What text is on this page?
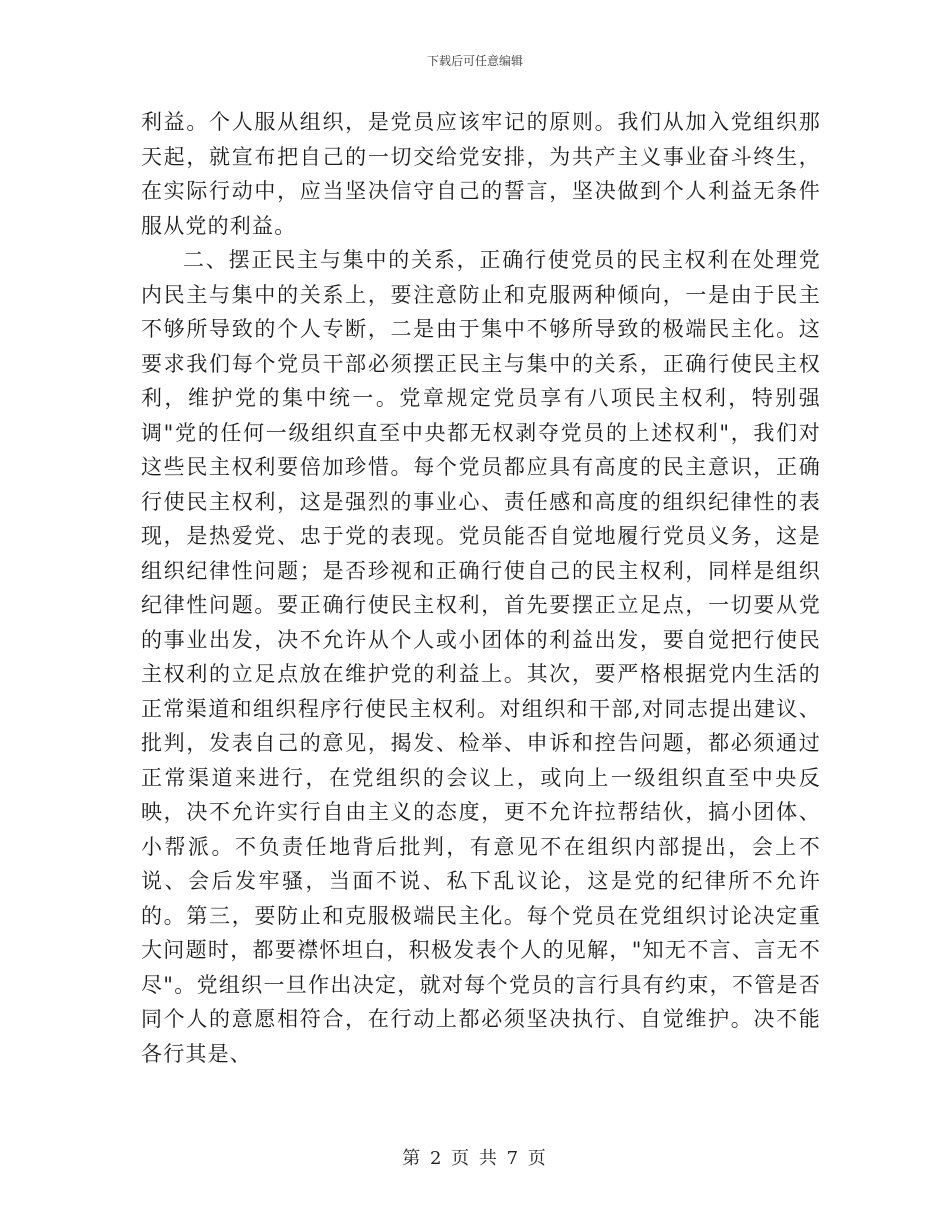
下载后可任意编辑

利益。个人服从组织，是党员应该牢记的原则。我们从加入党组织那天起，就宣布把自己的一切交给党安排，为共产主义事业奋斗终生，在实际行动中，应当坚决信守自己的誓言，坚决做到个人利益无条件服从党的利益。

二、摆正民主与集中的关系，正确行使党员的民主权利在处理党内民主与集中的关系上，要注意防止和克服两种倾向，一是由于民主不够所导致的个人专断，二是由于集中不够所导致的极端民主化。这要求我们每个党员干部必须摆正民主与集中的关系，正确行使民主权利，维护党的集中统一。党章规定党员享有八项民主权利，特别强调"党的任何一级组织直至中央都无权剥夺党员的上述权利"，我们对这些民主权利要倍加珍惜。每个党员都应具有高度的民主意识，正确行使民主权利，这是强烈的事业心、责任感和高度的组织纪律性的表现，是热爱党、忠于党的表现。党员能否自觉地履行党员义务，这是组织纪律性问题；是否珍视和正确行使自己的民主权利，同样是组织纪律性问题。要正确行使民主权利，首先要摆正立足点，一切要从党的事业出发，决不允许从个人或小团体的利益出发，要自觉把行使民主权利的立足点放在维护党的利益上。其次，要严格根据党内生活的正常渠道和组织程序行使民主权利。对组织和干部,对同志提出建议、批判，发表自己的意见，揭发、检举、申诉和控告问题，都必须通过正常渠道来进行，在党组织的会议上，或向上一级组织直至中央反映，决不允许实行自由主义的态度，更不允许拉帮结伙，搞小团体、小帮派。不负责任地背后批判，有意见不在组织内部提出，会上不说、会后发牢骚，当面不说、私下乱议论，这是党的纪律所不允许的。第三，要防止和克服极端民主化。每个党员在党组织讨论决定重大问题时，都要襟怀坦白，积极发表个人的见解，"知无不言、言无不尽"。党组织一旦作出决定，就对每个党员的言行具有约束，不管是否同个人的意愿相符合，在行动上都必须坚决执行、自觉维护。决不能各行其是、

第 2 页 共 7 页
